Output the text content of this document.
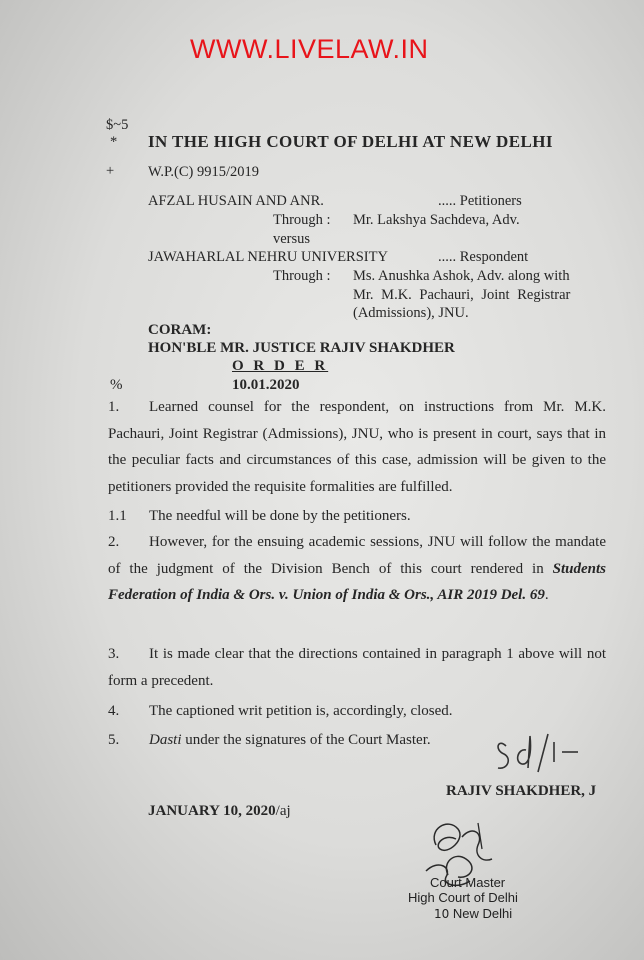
WWW.LIVELAW.IN
$~5
*
+
IN THE HIGH COURT OF DELHI AT NEW DELHI
W.P.(C) 9915/2019
AFZAL HUSAIN AND ANR.	..... Petitioners
Through : Mr. Lakshya Sachdeva, Adv.
versus
JAWAHARLAL NEHRU UNIVERSITY	..... Respondent
Through : Ms. Anushka Ashok, Adv. along with
Mr. M.K. Pachauri, Joint Registrar
(Admissions), JNU.
CORAM:
HON'BLE MR. JUSTICE RAJIV SHAKDHER
O R D E R
%	10.01.2020
1. Learned counsel for the respondent, on instructions from Mr. M.K. Pachauri, Joint Registrar (Admissions), JNU, who is present in court, says that in the peculiar facts and circumstances of this case, admission will be given to the petitioners provided the requisite formalities are fulfilled.
1.1 The needful will be done by the petitioners.
2. However, for the ensuing academic sessions, JNU will follow the mandate of the judgment of the Division Bench of this court rendered in Students Federation of India & Ors. v. Union of India & Ors., AIR 2019 Del. 69.
3. It is made clear that the directions contained in paragraph 1 above will not form a precedent.
4. The captioned writ petition is, accordingly, closed.
5. Dasti under the signatures of the Court Master.
RAJIV SHAKDHER, J
JANUARY 10, 2020/aj
Court Master
High Court of Delhi
10 New Delhi
